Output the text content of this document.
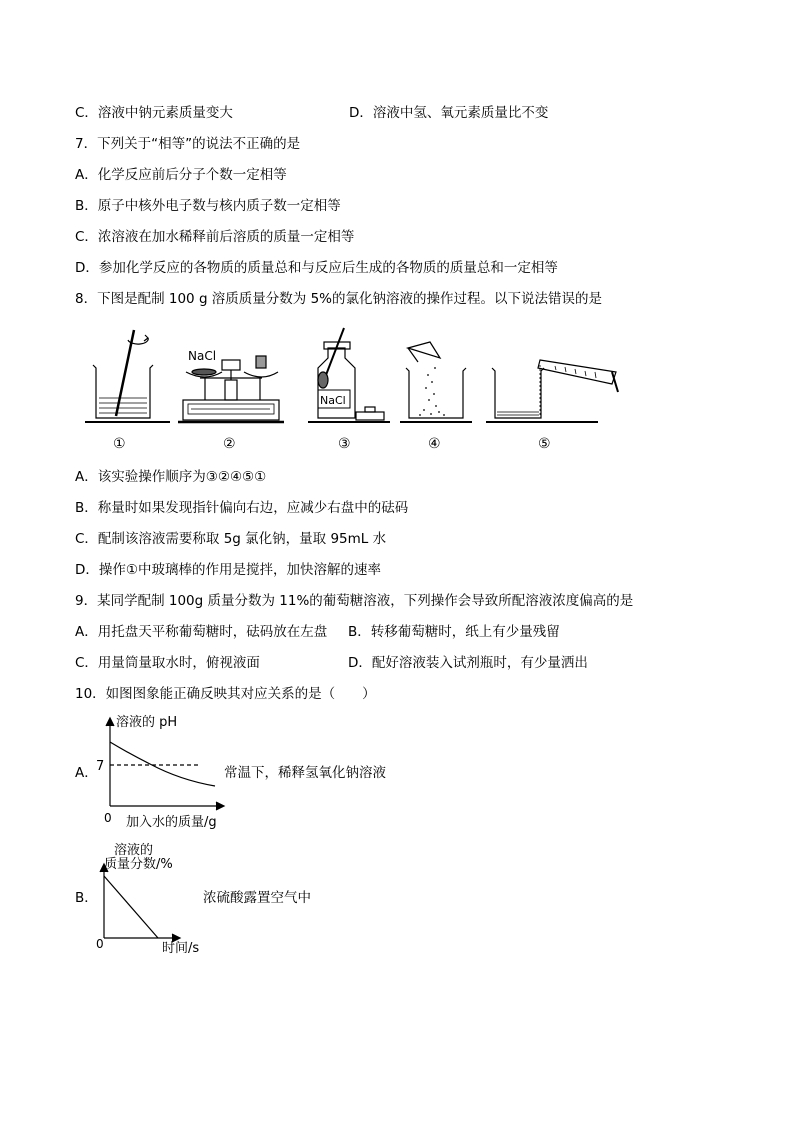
C．溶液中钠元素质量变大	D．溶液中氢、氧元素质量比不变
7．下列关于“相等”的说法不正确的是
A．化学反应前后分子个数一定相等
B．原子中核外电子数与核内质子数一定相等
C．浓溶液在加水稀释前后溶质的质量一定相等
D．参加化学反应的各物质的质量总和与反应后生成的各物质的质量总和一定相等
8．下图是配制 100 g 溶质质量分数为 5%的氯化钠溶液的操作过程。以下说法错误的是
NaCl
NaCl
①	②	③	④	⑤
A．该实验操作顺序为③②④⑤①
B．称量时如果发现指针偏向右边，应减少右盘中的砝码
C．配制该溶液需要称取 5g 氯化钠，量取 95mL 水
D．操作①中玻璃棒的作用是搅拌，加快溶解的速率
9．某同学配制 100g 质量分数为 11%的葡萄糖溶液，下列操作会导致所配溶液浓度偏高的是
A．用托盘天平称葡萄糖时，砝码放在左盘 B．转移葡萄糖时，纸上有少量残留
C．用量筒量取水时，俯视液面	D．配好溶液装入试剂瓶时，有少量洒出
10．如图图象能正确反映其对应关系的是（　　）
A．
溶液的 pH
7
0 加入水的质量/g
常温下，稀释氢氧化钠溶液
B．
溶液的
质量分数/%
0	时间/s
浓硫酸露置空气中
